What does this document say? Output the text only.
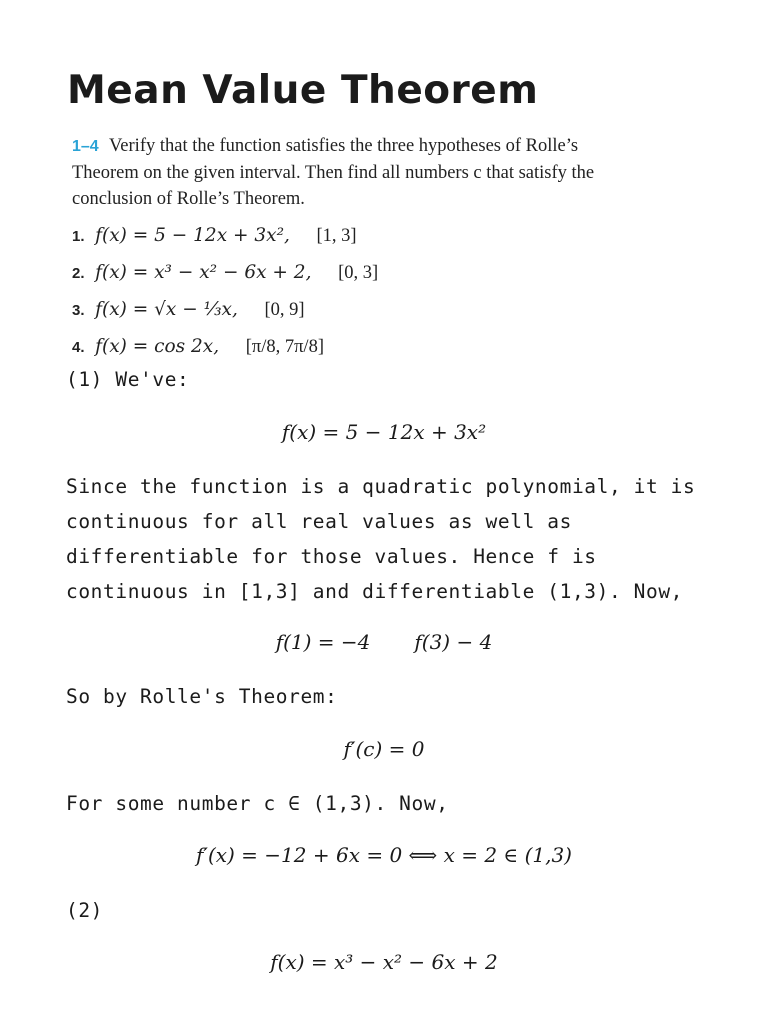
Mean Value Theorem
1–4 Verify that the function satisfies the three hypotheses of Rolle’s Theorem on the given interval. Then find all numbers c that satisfy the conclusion of Rolle’s Theorem.
1. f(x) = 5 − 12x + 3x², [1, 3]
2. f(x) = x³ − x² − 6x + 2, [0, 3]
3. f(x) = √x − ⅓x, [0, 9]
4. f(x) = cos 2x, [π/8, 7π/8]
(1) We've:
f(x) = 5 − 12x + 3x²
Since the function is a quadratic polynomial, it is continuous for all real values as well as differentiable for those values. Hence f is continuous in [1,3] and differentiable (1,3). Now,
f(1) = −4 f(3) − 4
So by Rolle's Theorem:
f′(c) = 0
For some number c ∈ (1,3). Now,
f′(x) = −12 + 6x = 0 ⟺ x = 2 ∈ (1,3)
(2)
f(x) = x³ − x² − 6x + 2
